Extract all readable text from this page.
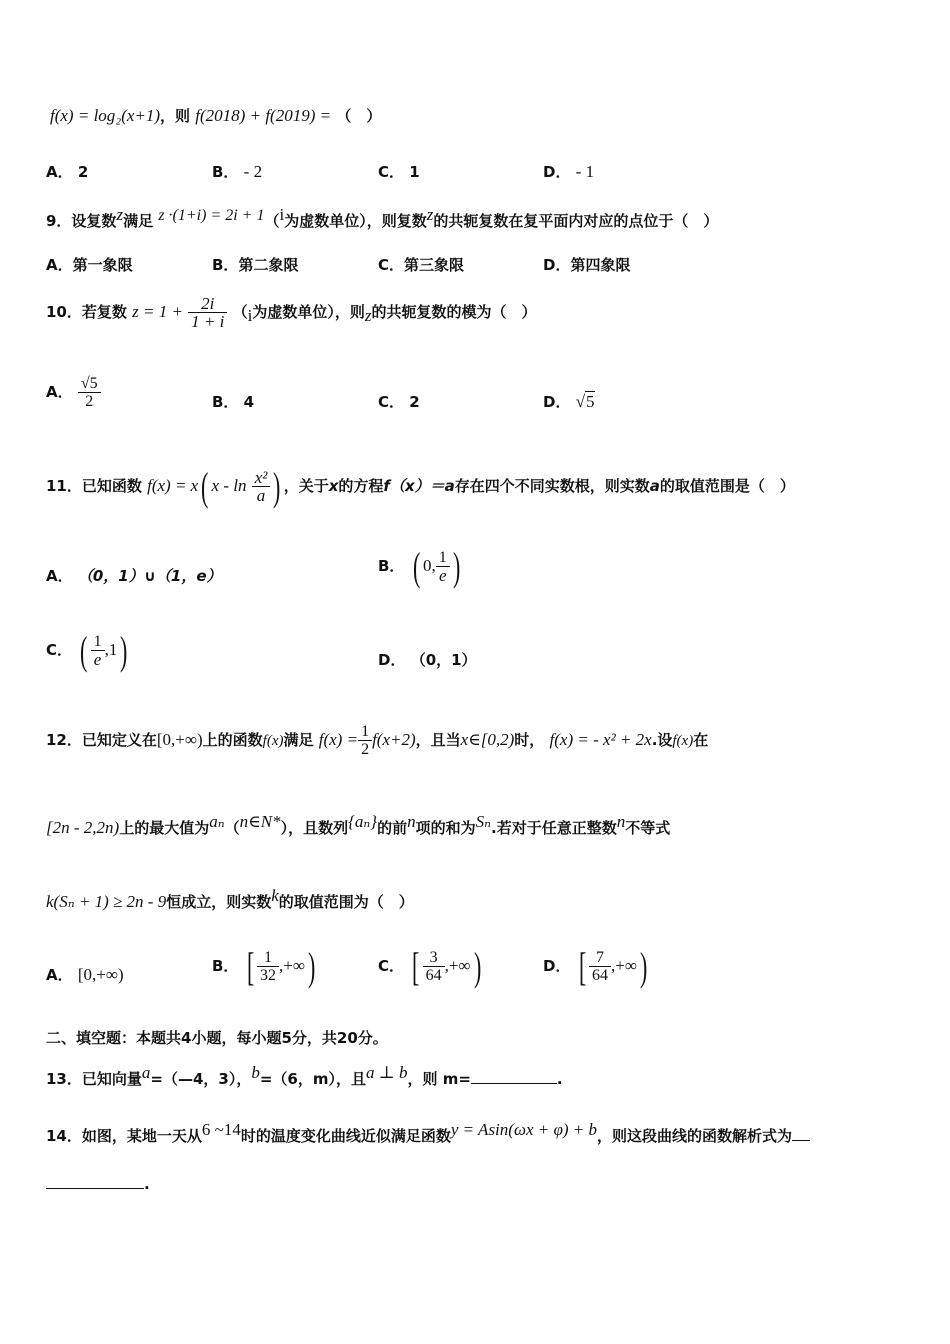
f(x) = log₂(x+1)，则 f(2018) + f(2019) = （　）
A． 2	B． - 2	C． 1	D． - 1
9．设复数$^z$满足 $^{z \cdot(1+i) = 2i + 1}$（$^i$为虚数单位），则复数$^z$的共轭复数在复平面内对应的点位于（　）
A．第一象限	B．第二象限	C．第三象限	D．第四象限
10．若复数 $z = 1 + \frac{2i}{1 + i} (_i$为虚数单位），则$_z$的共轭复数的模为（　）
A． $\frac{√5}{2}$	B． 4	C． 2	D． √5
11．已知函数 f(x) = x( x - $\ln \frac{\text{x²}}{a}$ ) ，关于x的方程f（x）＝a存在四个不同实数根，则实数a的取值范围是（　）
A． （0，1）∪（1，e）
B． ( 0, $\frac{1}{e}$ )
C． ( $\frac{1}{e} ,1$)	D． （0，1）
12．已知定义在[0,+∞)上的函数f(x)满足 $f(x) = \frac{1}{2} f(x+2)$，且当x∈[0,2)时， f(x) = - x² + 2x.设f(x)在
[2n - 2,2n)上的最大值为$^{a_n}$（$^{n\in N*}$），且数列$^{\{a_n\}}$的前$^n$项的和为$^{S_n}$.若对于任意正整数$^n$不等式
k(Sₙ + 1) ≥ 2n - 9恒成立，则实数$^k$的取值范围为（　）
A． [0,+∞)	B． [ $\frac{1}{32}$ ,+∞)	C． [ $\frac{3}{64}$ ,+∞)	D． [ $\frac{7}{64}$ ,+∞)
二、填空题：本题共4小题，每小题5分，共20分。
13．已知向量$^a$=（—4，3），$^b$=（6，m），且$^{a \perp b}$，则 m=	.
14．如图，某地一天从$^{6 \sim 14}$时的温度变化曲线近似满足函数$^{y = Asin(\omega x + \varphi) + b}$，则这段曲线的函数解析式为
.
